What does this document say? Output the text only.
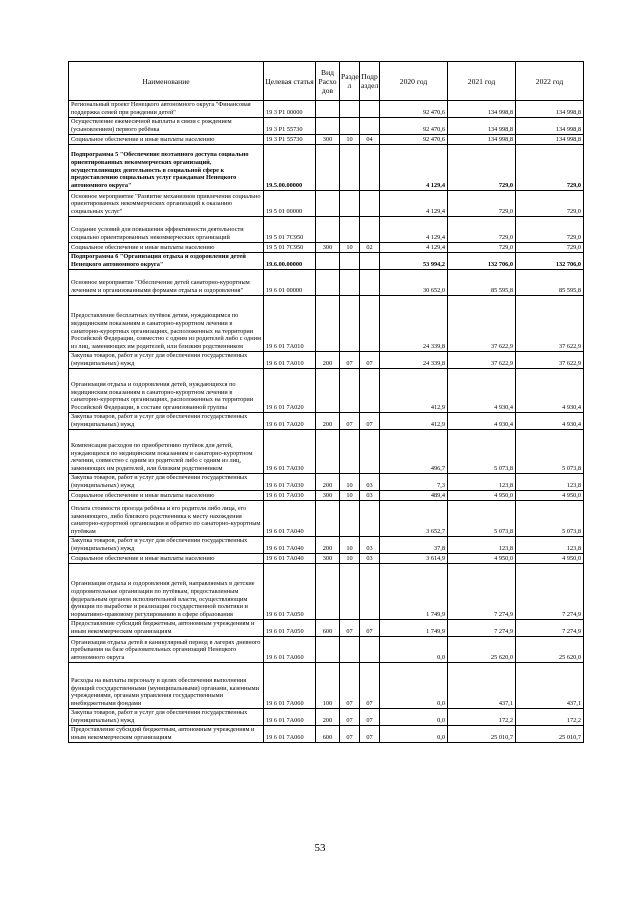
Наименование	Целевая статья	Вид Расхо дов	Разде л	Подр аздел	2020 год	2021 год	2022 год
Региональный проект Ненецкого автономного округа "Финансовая поддержка семей при рождении детей"	19 3 P1 00000				92 470,6	134 998,8	134 998,8
Осуществление ежемесячной выплаты в связи с рождением (усыновлением) первого ребёнка	19 3 P1 55730				92 470,6	134 998,8	134 998,8
Социальное обеспечение и иные выплаты населению	19 3 P1 55730	300	10	04	92 470,6	134 998,8	134 998,8
Подпрограмма 5 "Обеспечение поэтапного доступа социально ориентированных некоммерческих организаций, осуществляющих деятельность в социальной сфере к предоставлению социальных услуг гражданам Ненецкого автономного округа"	19.5.00.00000				4 129,4	729,0	729,0
Основное мероприятие "Развитие механизмов привлечения социально ориентированных некоммерческих организаций к оказанию социальных услуг"	19 5 01 00000				4 129,4	729,0	729,0
Создание условий для повышения эффективности деятельности социально ориентированных некоммерческих организаций	19 5 01 7C950				4 129,4	729,0	729,0
Социальное обеспечение и иные выплаты населению	19 5 01 7C950	300	10	02	4 129,4	729,0	729,0
Подпрограмма 6 "Организация отдыха и оздоровления детей Ненецкого автономного округа"	19.6.00.00000				53 994,2	132 706,0	132 706,0
Основное мероприятие "Обеспечение детей санаторно-курортным лечением и организованными формами отдыха и оздоровления"	19 6 01 00000				30 652,0	85 595,8	85 595,8
Предоставление бесплатных путёвок детям, нуждающимся по медицинским показаниям в санаторно-курортном лечении в санаторно-курортных организациях, расположенных на территории Российской Федерации, совместно с одним из родителей либо с одним из лиц, заменяющих им родителей, или близким родственником	19 6 01 7A010				24 339,8	37 622,9	37 622,9
Закупка товаров, работ и услуг для обеспечения государственных (муниципальных) нужд	19 6 01 7A010	200	07	07	24 339,8	37 622,9	37 622,9
Организация отдыха и оздоровления детей, нуждающихся по медицинским показаниям в санаторно-курортном лечении в санаторно-курортных организациях, расположенных на территории Российской Федерации, в составе организованной группы	19 6 01 7A020				412,9	4 930,4	4 930,4
Закупка товаров, работ и услуг для обеспечения государственных (муниципальных) нужд	19 6 01 7A020	200	07	07	412,9	4 930,4	4 930,4
Компенсация расходов по приобретению путёвок для детей, нуждающихся по медицинским показаниям в санаторно-курортном лечении, совместно с одним из родителей либо с одним из лиц, заменяющих им родителей, или близким родственником	19 6 01 7A030				496,7	5 073,8	5 073,8
Закупка товаров, работ и услуг для обеспечения государственных (муниципальных) нужд	19 6 01 7A030	200	10	03	7,3	123,8	123,8
Социальное обеспечение и иные выплаты населению	19 6 01 7A030	300	10	03	489,4	4 950,0	4 950,0
Оплата стоимости проезда ребёнка и его родителя либо лица, его заменяющего, либо близкого родственника к месту нахождения санаторно-курортной организации и обратно по санаторно-курортным путёвкам	19 6 01 7A040				3 652,7	5 073,8	5 073,8
Закупка товаров, работ и услуг для обеспечения государственных (муниципальных) нужд	19 6 01 7A040	200	10	03	37,8	123,8	123,8
Социальное обеспечение и иные выплаты населению	19 6 01 7A040	300	10	03	3 614,9	4 950,0	4 950,0
Организация отдыха и оздоровления детей, направляемых в детские оздоровительные организации по путёвкам, предоставленным федеральным органом исполнительной власти, осуществляющим функции по выработке и реализации государственной политики и нормативно-правовому регулированию в сфере образования	19 6 01 7A050				1 749,9	7 274,9	7 274,9
Предоставление субсидий бюджетным, автономным учреждениям и иным некоммерческим организациям	19 6 01 7A050	600	07	07	1 749,9	7 274,9	7 274,9
Организация отдыха детей в каникулярный период в лагерях дневного пребывания на базе образовательных организаций Ненецкого автономного округа	19 6 01 7A060				0,0	25 620,0	25 620,0
Расходы на выплаты персоналу в целях обеспечения выполнения функций государственными (муниципальными) органами, казенными учреждениями, органами управления государственными внебюджетными фондами	19 6 01 7A060	100	07	07	0,0	437,1	437,1
Закупка товаров, работ и услуг для обеспечения государственных (муниципальных) нужд	19 6 01 7A060	200	07	07	0,0	172,2	172,2
Предоставление субсидий бюджетным, автономным учреждениям и иным некоммерческим организациям	19 6 01 7A060	600	07	07	0,0	25 010,7	25 010,7
53
